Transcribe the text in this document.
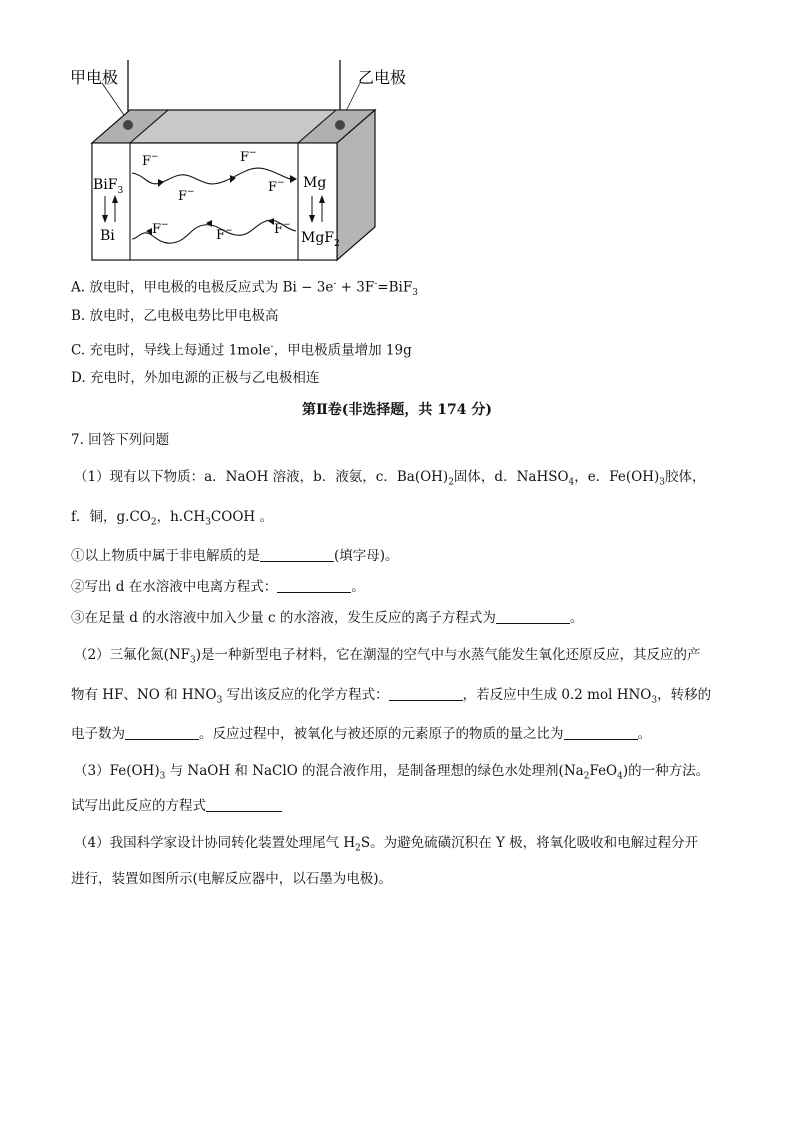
BiF$_3$
Bi
Mg
MgF$_2$
F−
F−
F−
F−
F−
F−	F−
甲电极	乙电极
A. 放电时，甲电极的电极反应式为 Bi − 3e- + 3F-=BiF$_3$
B. 放电时，乙电极电势比甲电极高
C. 充电时，导线上每通过 1mole-，甲电极质量增加 19g
D. 充电时，外加电源的正极与乙电极相连
第Ⅱ卷(非选择题，共 174 分)
7. 回答下列问题
（1）现有以下物质：a．NaOH 溶液，b．液氨，c．$Ba(OH)_2$固体，d．NaHSO$_4$，e．$Fe(OH)_3$胶体，
f．铜，$g.CO_2$，$h.CH_3COOH$ 。
①以上物质中属于非电解质的是	(填字母)。
②写出 d 在水溶液中电离方程式：	。
③在足量 d 的水溶液中加入少量 c 的水溶液，发生反应的离子方程式为	。
（2）三氟化氮$(NF_3)$是一种新型电子材料，它在潮湿的空气中与水蒸气能发生氧化还原反应，其反应的产
物有 HF、NO 和 $HNO_3$ 写出该反应的化学方程式：	，若反应中生成 0.2 mol $HNO_3$，转移的
电子数为	。反应过程中，被氧化与被还原的元素原子的物质的量之比为	。
$(3)Fe(OH)_3$ 与 NaOH 和 NaClO 的混合液作用，是制备理想的绿色水处理剂$(Na_2FeO_4)$的一种方法。
试写出此反应的方程式
（4）我国科学家设计协同转化装置处理尾气 $H_2S$。为避免硫磺沉积在 Y 极，将氧化吸收和电解过程分开
进行，装置如图所示(电解反应器中，以石墨为电极)。
